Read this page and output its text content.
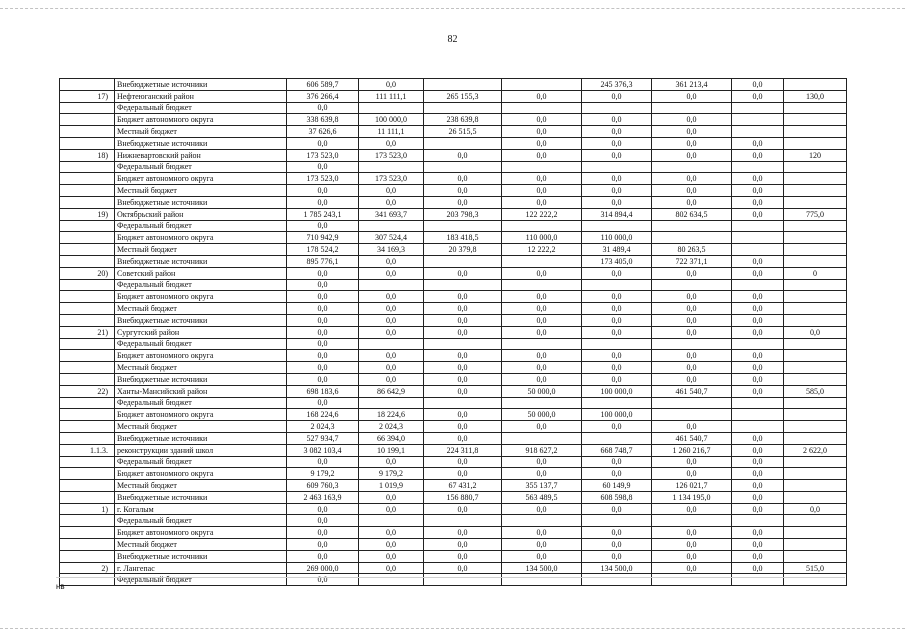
82
	Внебюджетные источники	606 589,7	0,0			245 376,3	361 213,4	0,0	
17)	Нефтеюганский район	376 266,4	111 111,1	265 155,3	0,0	0,0	0,0	0,0	130,0
	Федеральный бюджет	0,0							
	Бюджет автономного округа	338 639,8	100 000,0	238 639,8	0,0	0,0	0,0		
	Местный бюджет	37 626,6	11 111,1	26 515,5	0,0	0,0	0,0		
	Внебюджетные источники	0,0	0,0		0,0	0,0	0,0	0,0	
18)	Нижневартовский район	173 523,0	173 523,0	0,0	0,0	0,0	0,0	0,0	120
	Федеральный бюджет	0,0							
	Бюджет автономного округа	173 523,0	173 523,0	0,0	0,0	0,0	0,0	0,0	
	Местный бюджет	0,0	0,0	0,0	0,0	0,0	0,0	0,0	
	Внебюджетные источники	0,0	0,0	0,0	0,0	0,0	0,0	0,0	
19)	Октябрьский район	1 785 243,1	341 693,7	203 798,3	122 222,2	314 894,4	802 634,5	0,0	775,0
	Федеральный бюджет	0,0							
	Бюджет автономного округа	710 942,9	307 524,4	183 418,5	110 000,0	110 000,0			
	Местный бюджет	178 524,2	34 169,3	20 379,8	12 222,2	31 489,4	80 263,5		
	Внебюджетные источники	895 776,1	0,0			173 405,0	722 371,1	0,0	
20)	Советский район	0,0	0,0	0,0	0,0	0,0	0,0	0,0	0
	Федеральный бюджет	0,0							
	Бюджет автономного округа	0,0	0,0	0,0	0,0	0,0	0,0	0,0	
	Местный бюджет	0,0	0,0	0,0	0,0	0,0	0,0	0,0	
	Внебюджетные источники	0,0	0,0	0,0	0,0	0,0	0,0	0,0	
21)	Сургутский район	0,0	0,0	0,0	0,0	0,0	0,0	0,0	0,0
	Федеральный бюджет	0,0							
	Бюджет автономного округа	0,0	0,0	0,0	0,0	0,0	0,0	0,0	
	Местный бюджет	0,0	0,0	0,0	0,0	0,0	0,0	0,0	
	Внебюджетные источники	0,0	0,0	0,0	0,0	0,0	0,0	0,0	
22)	Ханты-Мансийский район	698 183,6	86 642,9	0,0	50 000,0	100 000,0	461 540,7	0,0	585,0
	Федеральный бюджет	0,0							
	Бюджет автономного округа	168 224,6	18 224,6	0,0	50 000,0	100 000,0			
	Местный бюджет	2 024,3	2 024,3	0,0	0,0	0,0	0,0		
	Внебюджетные источники	527 934,7	66 394,0	0,0			461 540,7	0,0	
1.1.3.	реконструкции зданий школ	3 082 103,4	10 199,1	224 311,8	918 627,2	668 748,7	1 260 216,7	0,0	2 622,0
	Федеральный бюджет	0,0	0,0	0,0	0,0	0,0	0,0	0,0	
	Бюджет автономного округа	9 179,2	9 179,2	0,0	0,0	0,0	0,0	0,0	
	Местный бюджет	609 760,3	1 019,9	67 431,2	355 137,7	60 149,9	126 021,7	0,0	
	Внебюджетные источники	2 463 163,9	0,0	156 880,7	563 489,5	608 598,8	1 134 195,0	0,0	
1)	г. Когалым	0,0	0,0	0,0	0,0	0,0	0,0	0,0	0,0
	Федеральный бюджет	0,0							
	Бюджет автономного округа	0,0	0,0	0,0	0,0	0,0	0,0	0,0	
	Местный бюджет	0,0	0,0	0,0	0,0	0,0	0,0	0,0	
	Внебюджетные источники	0,0	0,0	0,0	0,0	0,0	0,0	0,0	
2)	г. Лангепас	269 000,0	0,0	0,0	134 500,0	134 500,0	0,0	0,0	515,0
	Федеральный бюджет	0,0							
нв
